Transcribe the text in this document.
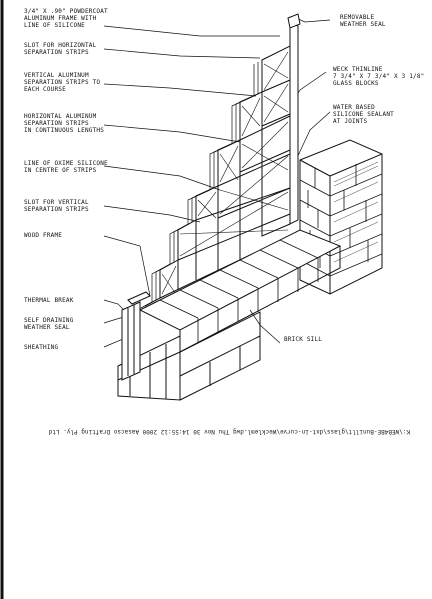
3/4" X .90" POWDERCOAT
ALUMINUM FRAME WITH
LINE OF SILICONE
SLOT FOR HORIZONTAL
SEPARATION STRIPS
VERTICAL ALUMINUM
SEPARATION STRIPS TO
EACH COURSE
HORIZONTAL ALUMINUM
SEPARATION STRIPS
IN CONTINUOUS LENGTHS
LINE OF OXIME SILICONE
IN CENTRE OF STRIPS
SLOT FOR VERTICAL
SEPARATION STRIPS
WOOD FRAME
THERMAL BREAK
SELF DRAINING
WEATHER SEAL
SHEATHING
REMOVABLE
WEATHER SEAL
WECK THINLINE
7 3/4" X 7 3/4" X 3 1/8"
GLASS BLOCKS
WATER BASED
SILICONE SEALANT
AT JOINTS
BRICK SILL
K:\WEB4BE-Bunillt\glass\dxt-in-curve\Weckleml.dwg Thu Nov 30 14:55:12 2000 Aasacso Drafting Ply. Ltd
